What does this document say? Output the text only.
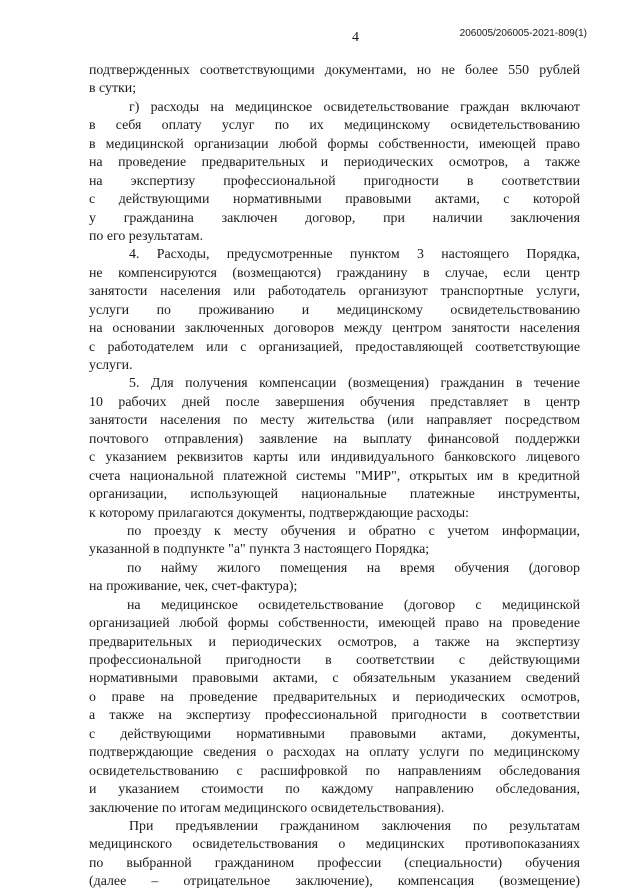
4	206005/206005-2021-809(1)
подтвержденных соответствующими документами, но не более 550 рублей
в сутки;
г) расходы на медицинское освидетельствование граждан включают
в себя оплату услуг по их медицинскому освидетельствованию
в медицинской организации любой формы собственности, имеющей право
на проведение предварительных и периодических осмотров, а также
на экспертизу профессиональной пригодности в соответствии
с действующими нормативными правовыми актами, с которой
у гражданина заключен договор, при наличии заключения
по его результатам.
4. Расходы, предусмотренные пунктом 3 настоящего Порядка,
не компенсируются (возмещаются) гражданину в случае, если центр
занятости населения или работодатель организуют транспортные услуги,
услуги по проживанию и медицинскому освидетельствованию
на основании заключенных договоров между центром занятости населения
с работодателем или с организацией, предоставляющей соответствующие
услуги.
5. Для получения компенсации (возмещения) гражданин в течение
10 рабочих дней после завершения обучения представляет в центр
занятости населения по месту жительства (или направляет посредством
почтового отправления) заявление на выплату финансовой поддержки
с указанием реквизитов карты или индивидуального банковского лицевого
счета национальной платежной системы "МИР", открытых им в кредитной
организации, использующей национальные платежные инструменты,
к которому прилагаются документы, подтверждающие расходы:
по проезду к месту обучения и обратно с учетом информации,
указанной в подпункте "а" пункта 3 настоящего Порядка;
по найму жилого помещения на время обучения (договор
на проживание, чек, счет-фактура);
на медицинское освидетельствование (договор с медицинской
организацией любой формы собственности, имеющей право на проведение
предварительных и периодических осмотров, а также на экспертизу
профессиональной пригодности в соответствии с действующими
нормативными правовыми актами, с обязательным указанием сведений
о праве на проведение предварительных и периодических осмотров,
а также на экспертизу профессиональной пригодности в соответствии
с действующими нормативными правовыми актами, документы,
подтверждающие сведения о расходах на оплату услуги по медицинскому
освидетельствованию с расшифровкой по направлениям обследования
и указанием стоимости по каждому направлению обследования,
заключение по итогам медицинского освидетельствования).
При предъявлении гражданином заключения по результатам
медицинского освидетельствования о медицинских противопоказаниях
по выбранной гражданином профессии (специальности) обучения
(далее – отрицательное заключение), компенсация (возмещение)
